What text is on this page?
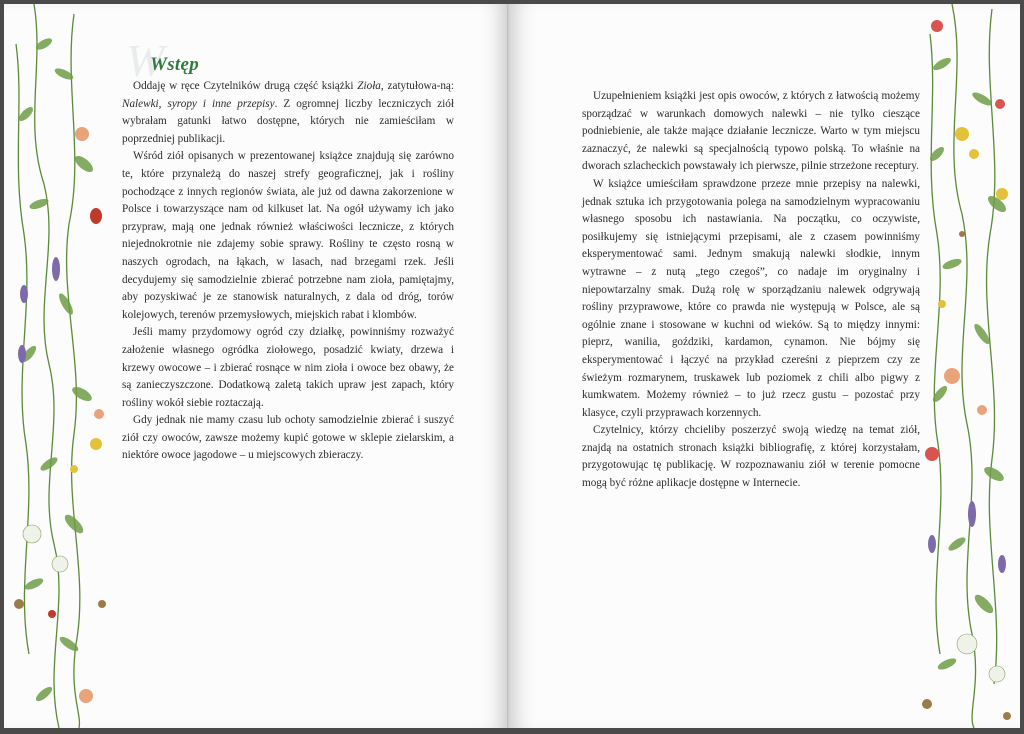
W
Wstęp

Oddaję w ręce Czytelników drugą część książki Zioła, zatytułowa-ną: Nalewki, syropy i inne przepisy. Z ogromnej liczby leczniczych ziół wybrałam gatunki łatwo dostępne, których nie zamieściłam w poprzedniej publikacji.

Wśród ziół opisanych w prezentowanej książce znajdują się zarówno te, które przynależą do naszej strefy geograficznej, jak i rośliny pochodzące z innych regionów świata, ale już od dawna zakorzenione w Polsce i towarzyszące nam od kilkuset lat. Na ogół używamy ich jako przypraw, mają one jednak również właściwości lecznicze, z których niejednokrotnie nie zdajemy sobie sprawy. Rośliny te często rosną w naszych ogrodach, na łąkach, w lasach, nad brzegami rzek. Jeśli decydujemy się samodzielnie zbierać potrzebne nam zioła, pamiętajmy, aby pozyskiwać je ze stanowisk naturalnych, z dala od dróg, torów kolejowych, terenów przemysłowych, miejskich rabat i klombów.

Jeśli mamy przydomowy ogród czy działkę, powinniśmy rozważyć założenie własnego ogródka ziołowego, posadzić kwiaty, drzewa i krzewy owocowe – i zbierać rosnące w nim zioła i owoce bez obawy, że są zanieczyszczone. Dodatkową zaletą takich upraw jest zapach, który rośliny wokół siebie roztaczają.

Gdy jednak nie mamy czasu lub ochoty samodzielnie zbierać i suszyć ziół czy owoców, zawsze możemy kupić gotowe w sklepie zielarskim, a niektóre owoce jagodowe – u miejscowych zbieraczy.

Uzupełnieniem książki jest opis owoców, z których z łatwością możemy sporządzać w warunkach domowych nalewki – nie tylko cieszące podniebienie, ale także mające działanie lecznicze. Warto w tym miejscu zaznaczyć, że nalewki są specjalnością typowo polską. To właśnie na dworach szlacheckich powstawały ich pierwsze, pilnie strzeżone receptury.

W książce umieściłam sprawdzone przeze mnie przepisy na nalewki, jednak sztuka ich przygotowania polega na samodzielnym wypracowaniu własnego sposobu ich nastawiania. Na początku, co oczywiste, posiłkujemy się istniejącymi przepisami, ale z czasem powinniśmy eksperymentować sami. Jednym smakują nalewki słodkie, innym wytrawne – z nutą „tego czegoś”, co nadaje im oryginalny i niepowtarzalny smak. Dużą rolę w sporządzaniu nalewek odgrywają rośliny przyprawowe, które co prawda nie występują w Polsce, ale są ogólnie znane i stosowane w kuchni od wieków. Są to między innymi: pieprz, wanilia, goździki, kardamon, cynamon. Nie bójmy się eksperymentować i łączyć na przykład czereśni z pieprzem czy ze świeżym rozmarynem, truskawek lub poziomek z chili albo pigwy z kumkwatem. Możemy również – to już rzecz gustu – pozostać przy klasyce, czyli przyprawach korzennych.

Czytelnicy, którzy chcieliby poszerzyć swoją wiedzę na temat ziół, znajdą na ostatnich stronach książki bibliografię, z której korzystałam, przygotowując tę publikację. W rozpoznawaniu ziół w terenie pomocne mogą być różne aplikacje dostępne w Internecie.
